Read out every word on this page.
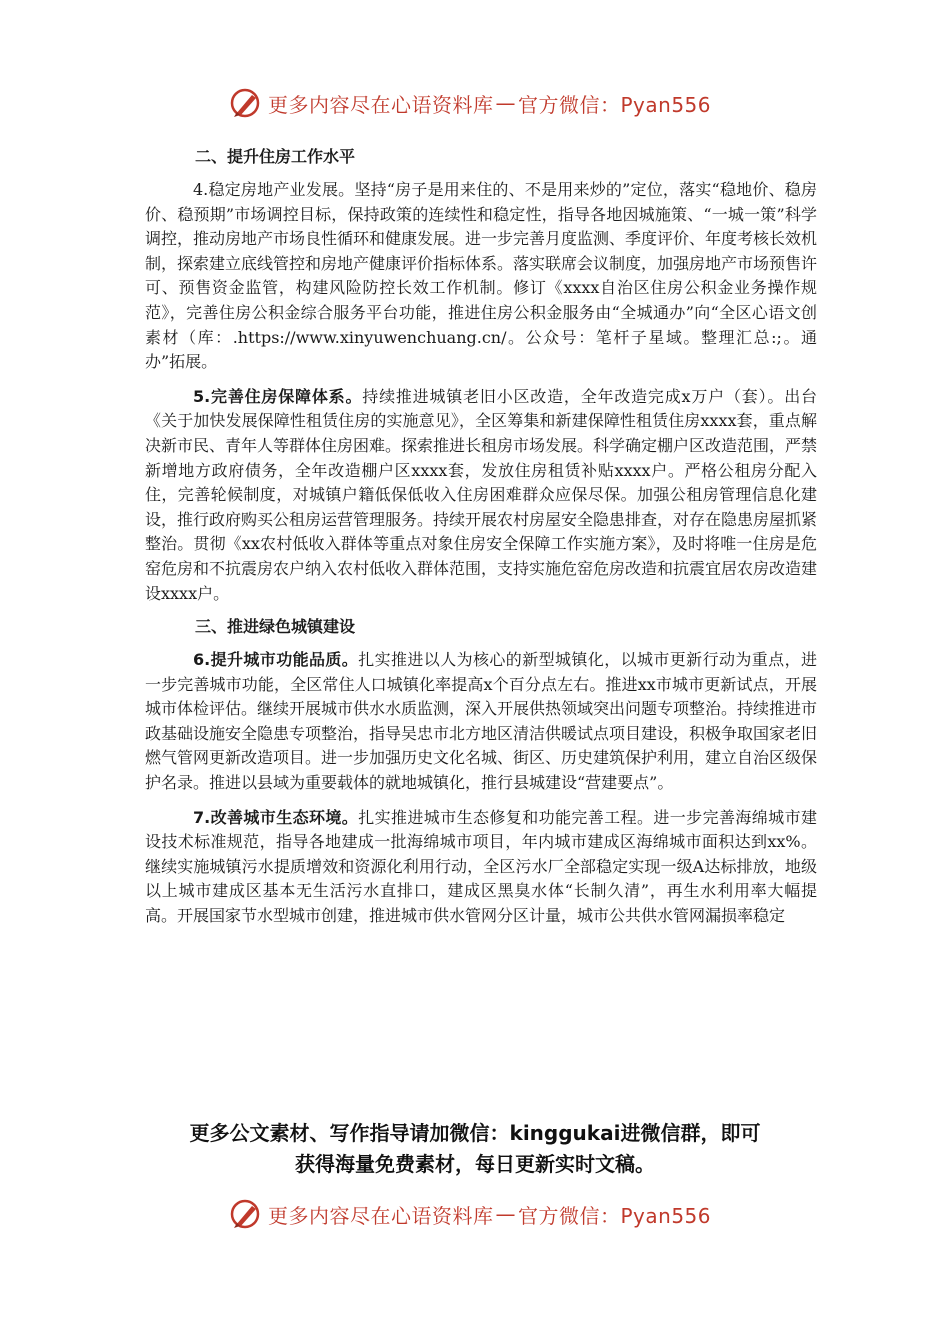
更多内容尽在心语资料库 — 官方微信：Pyan556
二、提升住房工作水平

4.稳定房地产业发展。坚持“房子是用来住的、不是用来炒的”定位，落实“稳地价、稳房价、稳预期”市场调控目标，保持政策的连续性和稳定性，指导各地因城施策、“一城一策”科学调控，推动房地产市场良性循环和健康发展。进一步完善月度监测、季度评价、年度考核长效机制，探索建立底线管控和房地产健康评价指标体系。落实联席会议制度，加强房地产市场预售许可、预售资金监管，构建风险防控长效工作机制。修订《xxxx自治区住房公积金业务操作规范》，完善住房公积金综合服务平台功能，推进住房公积金服务由“全城通办”向“全区心语文创素材（库：.https://www.xinyuwenchuang.cn/。公众号：笔杆子星域。整理汇总:;。通办”拓展。

5.完善住房保障体系。持续推进城镇老旧小区改造，全年改造完成x万户（套）。出台《关于加快发展保障性租赁住房的实施意见》，全区筹集和新建保障性租赁住房xxxx套，重点解决新市民、青年人等群体住房困难。探索推进长租房市场发展。科学确定棚户区改造范围，严禁新增地方政府债务，全年改造棚户区xxxx套，发放住房租赁补贴xxxx户。严格公租房分配入住，完善轮候制度，对城镇户籍低保低收入住房困难群众应保尽保。加强公租房管理信息化建设，推行政府购买公租房运营管理服务。持续开展农村房屋安全隐患排查，对存在隐患房屋抓紧整治。贯彻《xx农村低收入群体等重点对象住房安全保障工作实施方案》，及时将唯一住房是危窑危房和不抗震房农户纳入农村低收入群体范围，支持实施危窑危房改造和抗震宜居农房改造建设xxxx户。

三、推进绿色城镇建设

6.提升城市功能品质。扎实推进以人为核心的新型城镇化，以城市更新行动为重点，进一步完善城市功能，全区常住人口城镇化率提高x个百分点左右。推进xx市城市更新试点，开展城市体检评估。继续开展城市供水水质监测，深入开展供热领域突出问题专项整治。持续推进市政基础设施安全隐患专项整治，指导吴忠市北方地区清洁供暖试点项目建设，积极争取国家老旧燃气管网更新改造项目。进一步加强历史文化名城、街区、历史建筑保护利用，建立自治区级保护名录。推进以县域为重要载体的就地城镇化，推行县城建设“营建要点”。

7.改善城市生态环境。扎实推进城市生态修复和功能完善工程。进一步完善海绵城市建设技术标准规范，指导各地建成一批海绵城市项目，年内城市建成区海绵城市面积达到xx%。继续实施城镇污水提质增效和资源化利用行动，全区污水厂全部稳定实现一级A达标排放，地级以上城市建成区基本无生活污水直排口，建成区黑臭水体“长制久清”，再生水利用率大幅提高。开展国家节水型城市创建，推进城市供水管网分区计量，城市公共供水管网漏损率稳定

更多公文素材、写作指导请加微信：kinggukai进微信群，即可
获得海量免费素材，每日更新实时文稿。
更多内容尽在心语资料库 — 官方微信：Pyan556
